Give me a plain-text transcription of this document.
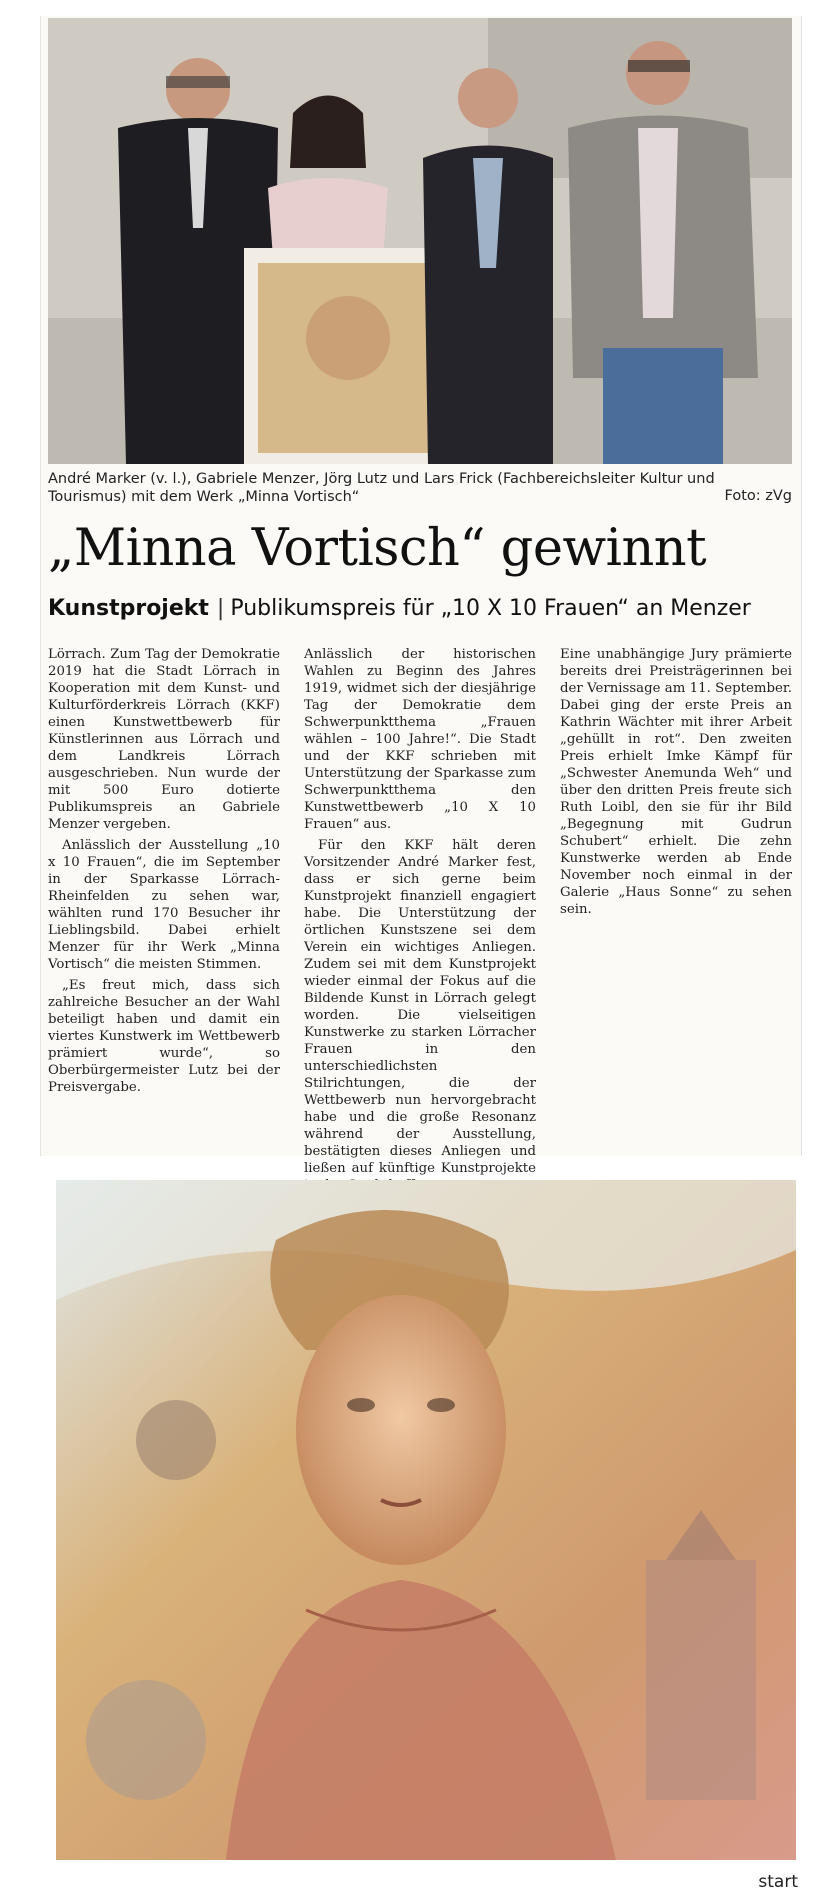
André Marker (v. l.), Gabriele Menzer, Jörg Lutz und Lars Frick (Fachbereichsleiter Kultur und Tourismus) mit dem Werk „Minna Vortisch“	Foto: zVg
„Minna Vortisch“ gewinnt
Kunstprojekt | Publikumspreis für „10 X 10 Frauen“ an Menzer

Lörrach. Zum Tag der Demokratie 2019 hat die Stadt Lörrach in Kooperation mit dem Kunst- und Kulturförderkreis Lörrach (KKF) einen Kunstwettbewerb für Künstlerinnen aus Lörrach und dem Landkreis Lörrach ausgeschrieben. Nun wurde der mit 500 Euro dotierte Publikumspreis an Gabriele Menzer vergeben.

Anlässlich der Ausstellung „10 x 10 Frauen“, die im September in der Sparkasse Lörrach-Rheinfelden zu sehen war, wählten rund 170 Besucher ihr Lieblingsbild. Dabei erhielt Menzer für ihr Werk „Minna Vortisch“ die meisten Stimmen.

„Es freut mich, dass sich zahlreiche Besucher an der Wahl beteiligt haben und damit ein viertes Kunstwerk im Wettbewerb prämiert wurde“, so Oberbürgermeister Lutz bei der Preisvergabe.

Anlässlich der historischen Wahlen zu Beginn des Jahres 1919, widmet sich der diesjährige Tag der Demokratie dem Schwerpunktthema „Frauen wählen – 100 Jahre!“. Die Stadt und der KKF schrieben mit Unterstützung der Sparkasse zum Schwerpunktthema den Kunstwettbewerb „10 X 10 Frauen“ aus.

Für den KKF hält deren Vorsitzender André Marker fest, dass er sich gerne beim Kunstprojekt finanziell engagiert habe. Die Unterstützung der örtlichen Kunstszene sei dem Verein ein wichtiges Anliegen. Zudem sei mit dem Kunstprojekt wieder einmal der Fokus auf die Bildende Kunst in Lörrach gelegt worden. Die vielseitigen Kunstwerke zu starken Lörracher Frauen in den unterschiedlichsten Stilrichtungen, die der Wettbewerb nun hervorgebracht habe und die große Resonanz während der Ausstellung, bestätigten dieses Anliegen und ließen auf künftige Kunstprojekte

Eine unabhängige Jury prämierte bereits drei Preisträgerinnen bei der Vernissage am 11. September. Dabei ging der erste Preis an Kathrin Wächter mit ihrer Arbeit „gehüllt in rot“. Den zweiten Preis erhielt Imke Kämpf für „Schwester Anemunda Weh“ und über den dritten Preis freute sich Ruth Loibl, den sie für ihr Bild „Begegnung mit Gudrun Schubert“ erhielt. Die zehn Kunstwerke werden ab Ende November noch einmal in der Galerie „Haus Sonne“ zu sehen sein.

start
